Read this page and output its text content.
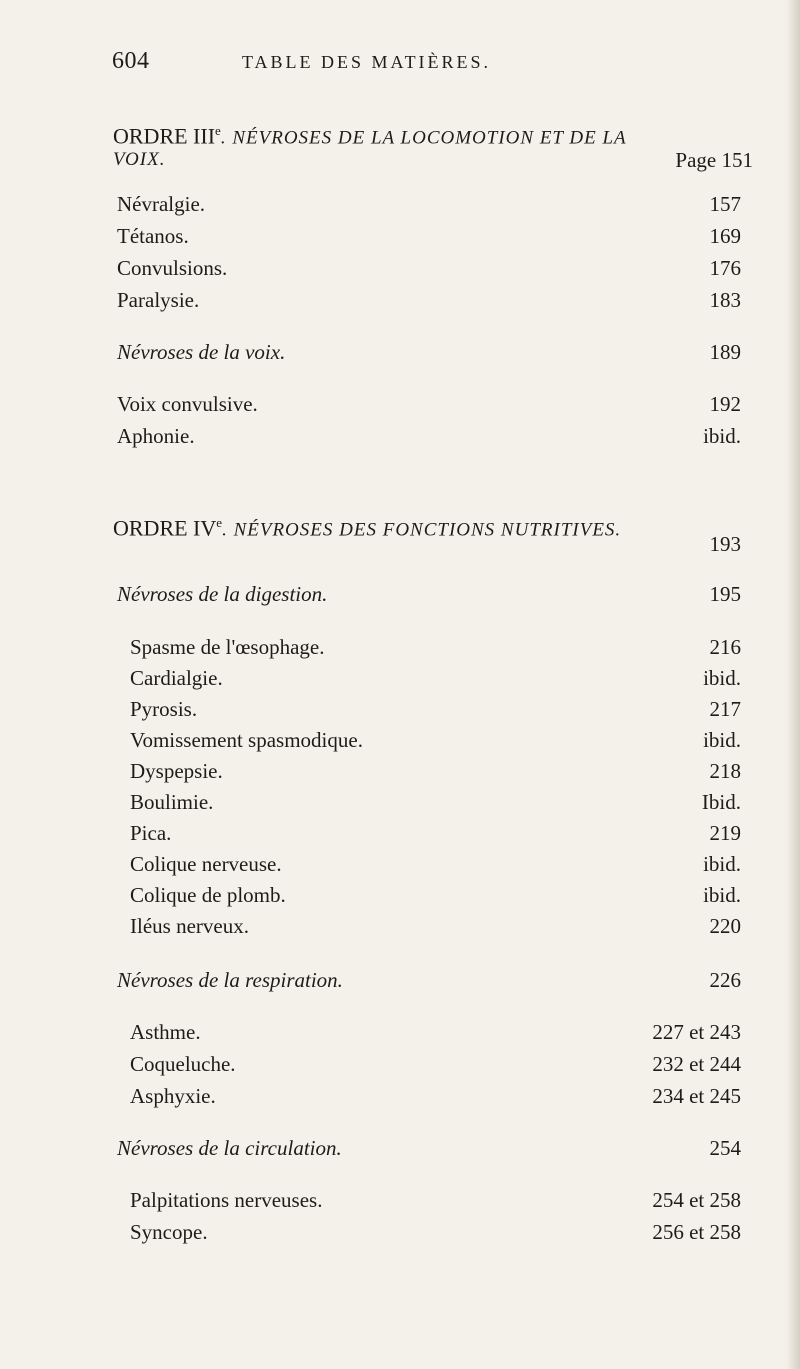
604	TABLE DES MATIÈRES.
ORDRE IIIe. NÉVROSES DE LA LOCOMOTION ET DE LA
VOIX.	Page 151
Névralgie.	157
Tétanos.	169
Convulsions.	176
Paralysie.	183
Névroses de la voix.	189
Voix convulsive.	192
Aphonie.	ibid.
ORDRE IVe. NÉVROSES DES FONCTIONS NUTRITIVES.
193
Névroses de la digestion.	195
Spasme de l'œsophage.	216
Cardialgie.	ibid.
Pyrosis.	217
Vomissement spasmodique.	ibid.
Dyspepsie.	218
Boulimie.	Ibid.
Pica.	219
Colique nerveuse.	ibid.
Colique de plomb.	ibid.
Iléus nerveux.	220
Névroses de la respiration.	226
Asthme.	227 et 243
Coqueluche.	232 et 244
Asphyxie.	234 et 245
Névroses de la circulation.	254
Palpitations nerveuses.	254 et 258
Syncope.	256 et 258
